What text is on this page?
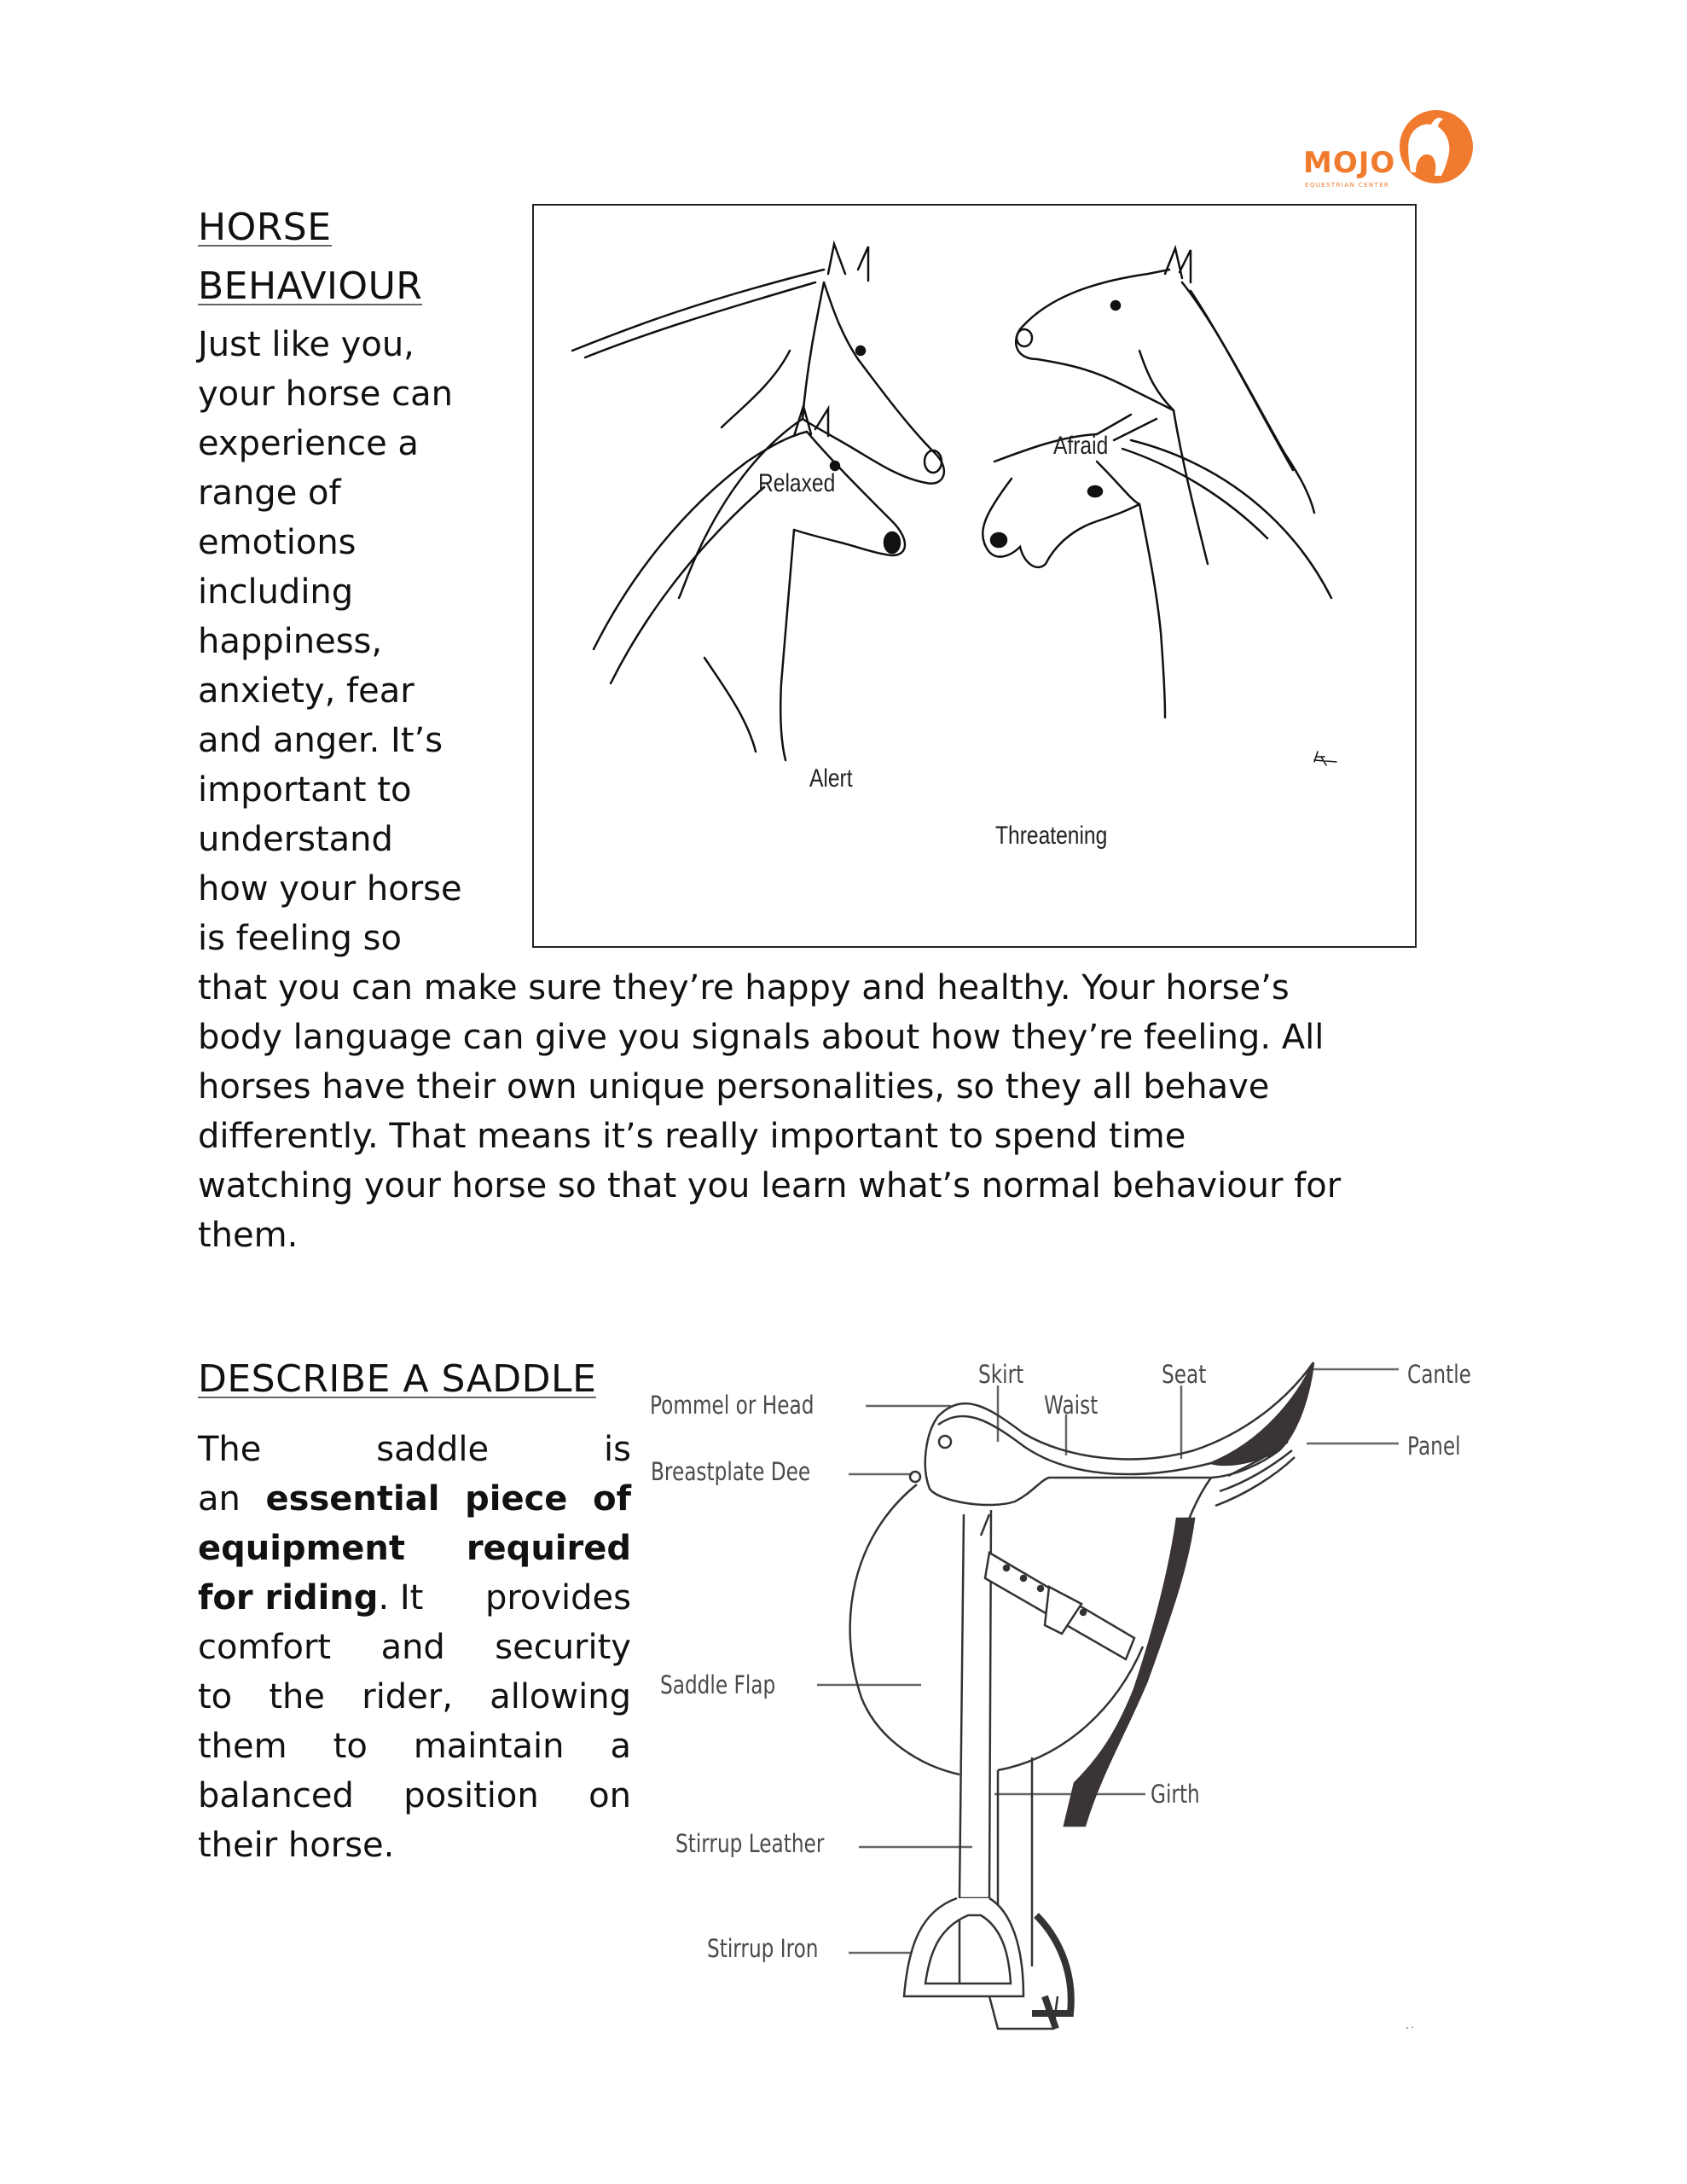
MOJO
EQUESTRIAN CENTER
HORSE
BEHAVIOUR
Just like you,
your horse can
experience a
range of
emotions
including
happiness,
anxiety, fear
and anger. It’s
important to
understand
how your horse
is feeling so
that you can make sure they’re happy and healthy. Your horse’s
body language can give you signals about how they’re feeling. All
horses have their own unique personalities, so they all behave
differently. That means it’s really important to spend time
watching your horse so that you learn what’s normal behaviour for
them.
Relaxed
Afraid
Alert
Threatening
DESCRIBE A SADDLE
The	saddle	is
an essential piece of
equipment required
for riding. It provides
comfort and security
to the rider, allowing
them to maintain a
balanced position on
their horse.
Pommel or Head
Skirt
Waist
Seat	Cantle
Panel
Breastplate Dee
Saddle Flap
Girth
Stirrup Leather
Stirrup Iron
- ·
